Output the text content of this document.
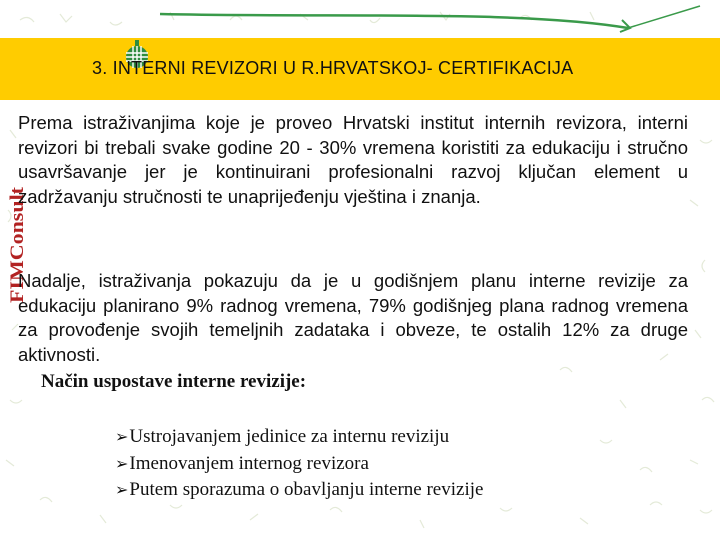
3. INTERNI REVIZORI U R.HRVATSKOJ- CERTIFIKACIJA
FIMConsult
Prema istraživanjima koje je proveo Hrvatski institut internih revizora, interni revizori bi trebali svake godine 20 - 30% vremena koristiti za edukaciju i stručno usavršavanje jer je kontinuirani profesionalni razvoj ključan element u zadržavanju stručnosti te unaprijeđenju vještina i znanja.
Nadalje, istraživanja pokazuju da je u godišnjem planu interne revizije za edukaciju planirano 9% radnog vremena, 79% godišnjeg plana radnog vremena za provođenje svojih temeljnih zadataka i obveze, te ostalih 12% za druge aktivnosti.
Način uspostave interne revizije:
➢Ustrojavanjem jedinice za internu reviziju
➢Imenovanjem internog revizora
➢Putem sporazuma o obavljanju interne revizije
